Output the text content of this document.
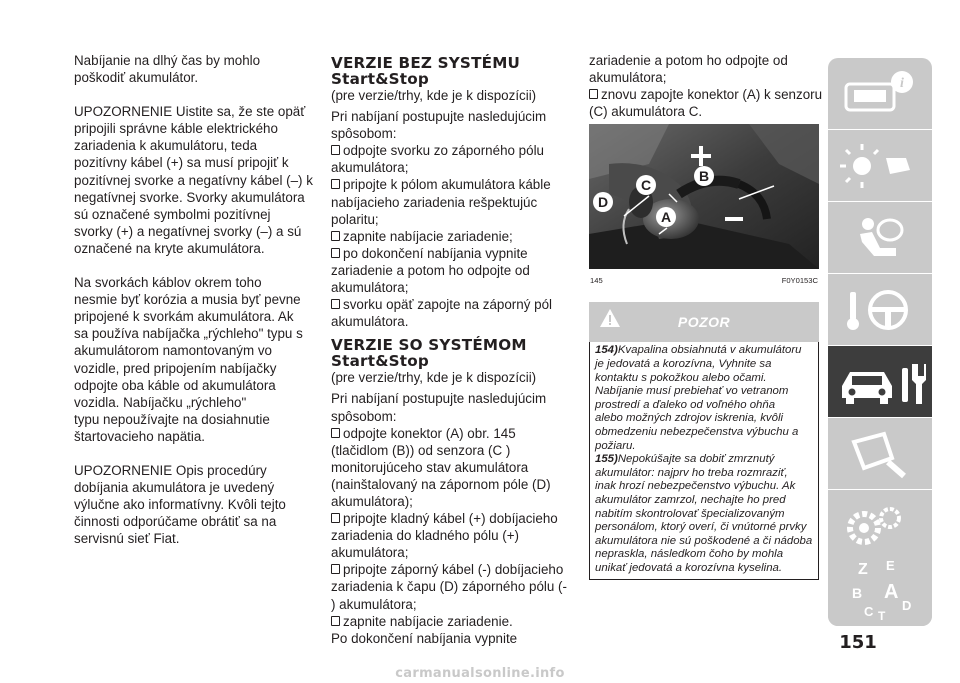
Nabíjanie na dlhý čas by mohlo
poškodiť akumulátor.
UPOZORNENIE Uistite sa, že ste opäť
pripojili správne káble elektrického
zariadenia k akumulátoru, teda
pozitívny kábel (+) sa musí pripojiť k
pozitívnej svorke a negatívny kábel (–) k
negatívnej svorke. Svorky akumulátora
sú označené symbolmi pozitívnej
svorky (+) a negatívnej svorky (–) a sú
označené na kryte akumulátora.
Na svorkách káblov okrem toho
nesmie byť korózia a musia byť pevne
pripojené k svorkám akumulátora. Ak
sa používa nabíjačka „rýchleho" typu s
akumulátorom namontovaným vo
vozidle, pred pripojením nabíjačky
odpojte oba káble od akumulátora
vozidla. Nabíjačku „rýchleho"
typu nepoužívajte na dosiahnutie
štartovacieho napätia.
UPOZORNENIE Opis procedúry
dobíjania akumulátora je uvedený
výlučne ako informatívny. Kvôli tejto
činnosti odporúčame obrátiť sa na
servisnú sieť Fiat.
VERZIE BEZ SYSTÉMU
Start&Stop
(pre verzie/trhy, kde je k dispozícii)
Pri nabíjaní postupujte nasledujúcim
spôsobom:
odpojte svorku zo záporného pólu
akumulátora;
pripojte k pólom akumulátora káble
nabíjacieho zariadenia rešpektujúc
polaritu;
zapnite nabíjacie zariadenie;
po dokončení nabíjania vypnite
zariadenie a potom ho odpojte od
akumulátora;
svorku opäť zapojte na záporný pól
akumulátora.
VERZIE SO SYSTÉMOM
Start&Stop
(pre verzie/trhy, kde je k dispozícii)
Pri nabíjaní postupujte nasledujúcim
spôsobom:
odpojte konektor (A) obr. 145
(tlačidlom (B)) od senzora (C )
monitorujúceho stav akumulátora
(nainštalovaný na zápornom póle (D)
akumulátora);
pripojte kladný kábel (+) dobíjacieho
zariadenia do kladného pólu (+)
akumulátora;
pripojte záporný kábel (-) dobíjacieho
zariadenia k čapu (D) záporného pólu (-
) akumulátora;
zapnite nabíjacie zariadenie.
Po dokončení nabíjania vypnite
zariadenie a potom ho odpojte od
akumulátora;
znovu zapojte konektor (A) k senzoru
(C) akumulátora C.
B
C
D
A
145	F0Y0153C
POZOR
154)Kvapalina obsiahnutá v akumulátoru
je jedovatá a korozívna, Vyhnite sa
kontaktu s pokožkou alebo očami.
Nabíjanie musí prebiehať vo vetranom
prostredí a ďaleko od voľného ohňa
alebo možných zdrojov iskrenia, kvôli
obmedzeniu nebezpečenstva výbuchu a
požiaru.
155)Nepokúšajte sa dobiť zmrznutý
akumulátor: najprv ho treba rozmraziť,
inak hrozí nebezpečenstvo výbuchu. Ak
akumulátor zamrzol, nechajte ho pred
nabitím skontrolovať špecializovaným
personálom, ktorý overí, či vnútorné prvky
akumulátora nie sú poškodené a či nádoba
nepraskla, následkom čoho by mohla
unikať jedovatá a korozívna kyselina.
i
Z E
B A
C D
T
151
carmanualsonline.info
